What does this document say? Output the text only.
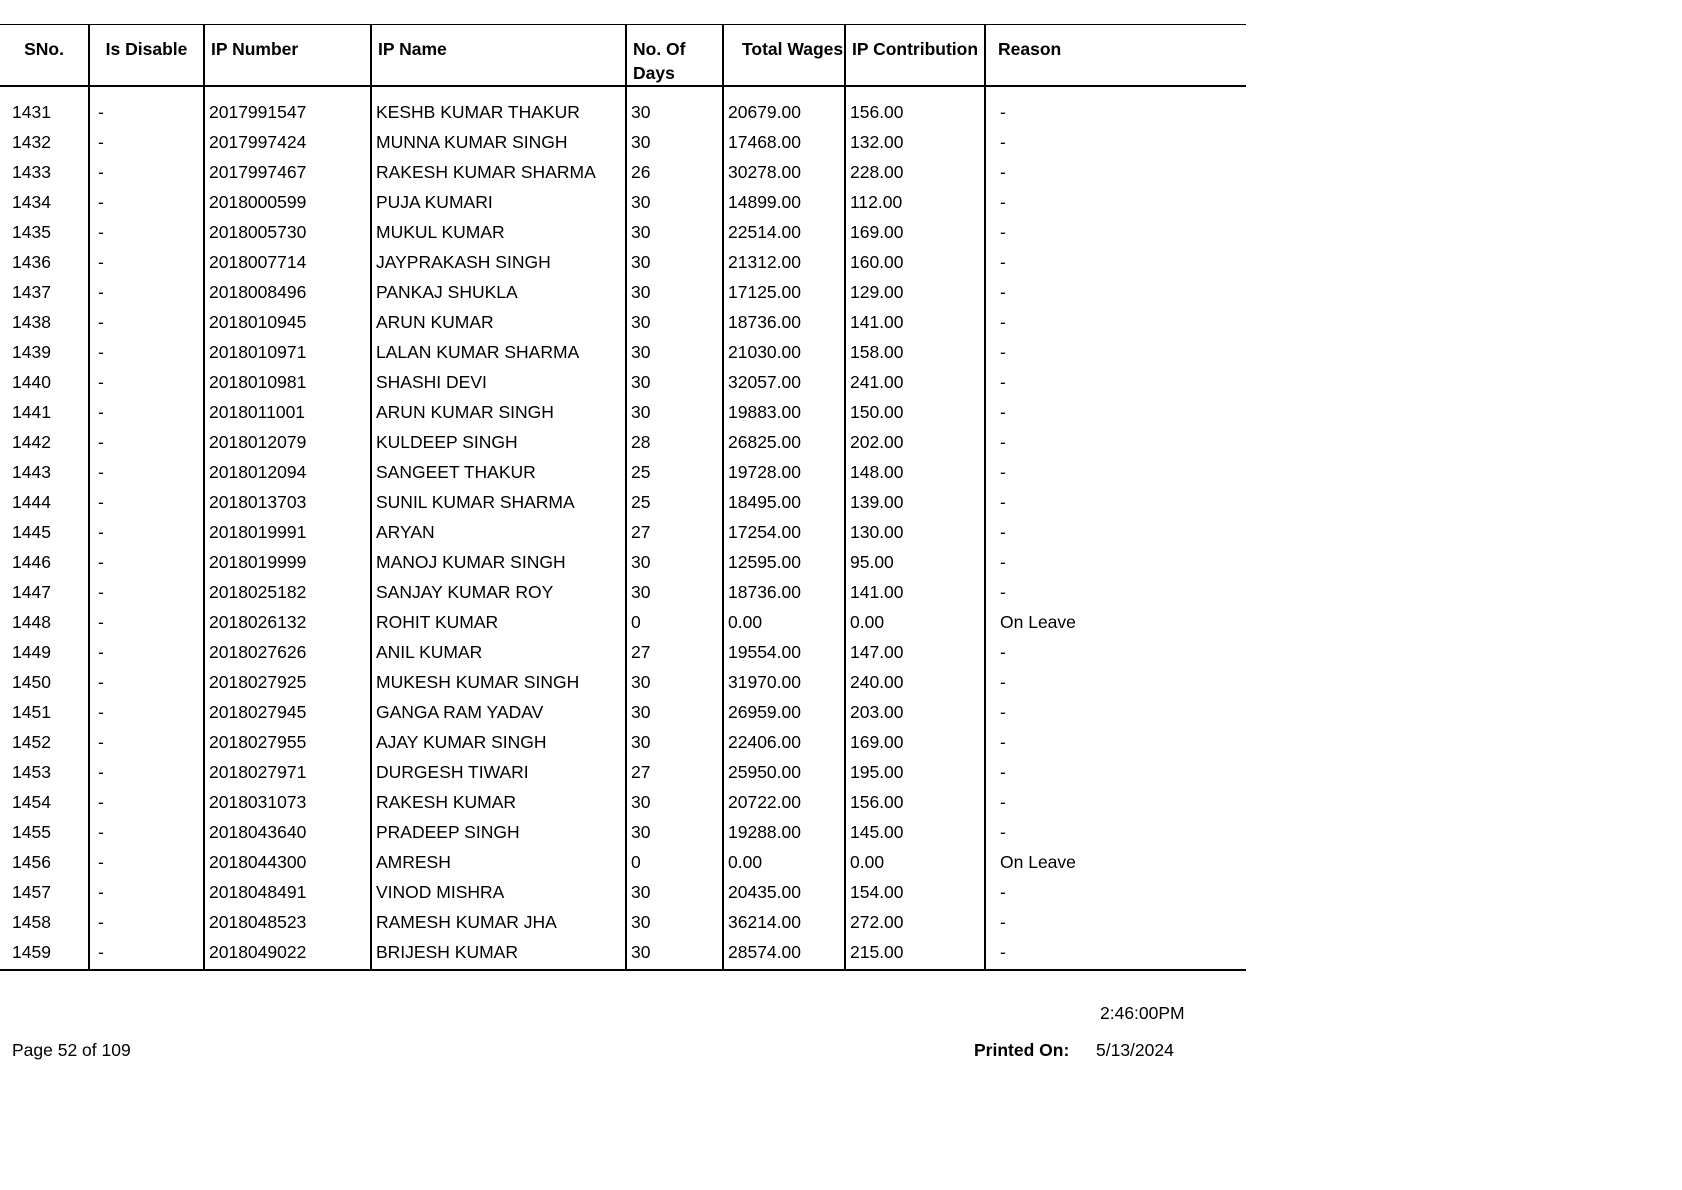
SNo.	Is Disable	IP Number	IP Name	No. Of Days	Total Wages	IP Contribution	Reason

1431	-	2017991547	KESHB KUMAR THAKUR	30	20679.00	156.00	-
1432	-	2017997424	MUNNA KUMAR SINGH	30	17468.00	132.00	-
1433	-	2017997467	RAKESH KUMAR SHARMA	26	30278.00	228.00	-
1434	-	2018000599	PUJA KUMARI	30	14899.00	112.00	-
1435	-	2018005730	MUKUL KUMAR	30	22514.00	169.00	-
1436	-	2018007714	JAYPRAKASH SINGH	30	21312.00	160.00	-
1437	-	2018008496	PANKAJ SHUKLA	30	17125.00	129.00	-
1438	-	2018010945	ARUN KUMAR	30	18736.00	141.00	-
1439	-	2018010971	LALAN KUMAR SHARMA	30	21030.00	158.00	-
1440	-	2018010981	SHASHI DEVI	30	32057.00	241.00	-
1441	-	2018011001	ARUN KUMAR SINGH	30	19883.00	150.00	-
1442	-	2018012079	KULDEEP SINGH	28	26825.00	202.00	-
1443	-	2018012094	SANGEET THAKUR	25	19728.00	148.00	-
1444	-	2018013703	SUNIL KUMAR SHARMA	25	18495.00	139.00	-
1445	-	2018019991	ARYAN	27	17254.00	130.00	-
1446	-	2018019999	MANOJ KUMAR SINGH	30	12595.00	95.00	-
1447	-	2018025182	SANJAY KUMAR ROY	30	18736.00	141.00	-
1448	-	2018026132	ROHIT KUMAR	0	0.00	0.00	On Leave
1449	-	2018027626	ANIL KUMAR	27	19554.00	147.00	-
1450	-	2018027925	MUKESH KUMAR SINGH	30	31970.00	240.00	-
1451	-	2018027945	GANGA RAM YADAV	30	26959.00	203.00	-
1452	-	2018027955	AJAY KUMAR SINGH	30	22406.00	169.00	-
1453	-	2018027971	DURGESH TIWARI	27	25950.00	195.00	-
1454	-	2018031073	RAKESH KUMAR	30	20722.00	156.00	-
1455	-	2018043640	PRADEEP SINGH	30	19288.00	145.00	-
1456	-	2018044300	AMRESH	0	0.00	0.00	On Leave
1457	-	2018048491	VINOD MISHRA	30	20435.00	154.00	-
1458	-	2018048523	RAMESH KUMAR JHA	30	36214.00	272.00	-
1459	-	2018049022	BRIJESH KUMAR	30	28574.00	215.00	-
2:46:00PM
Page 52 of 109	Printed On: 5/13/2024
